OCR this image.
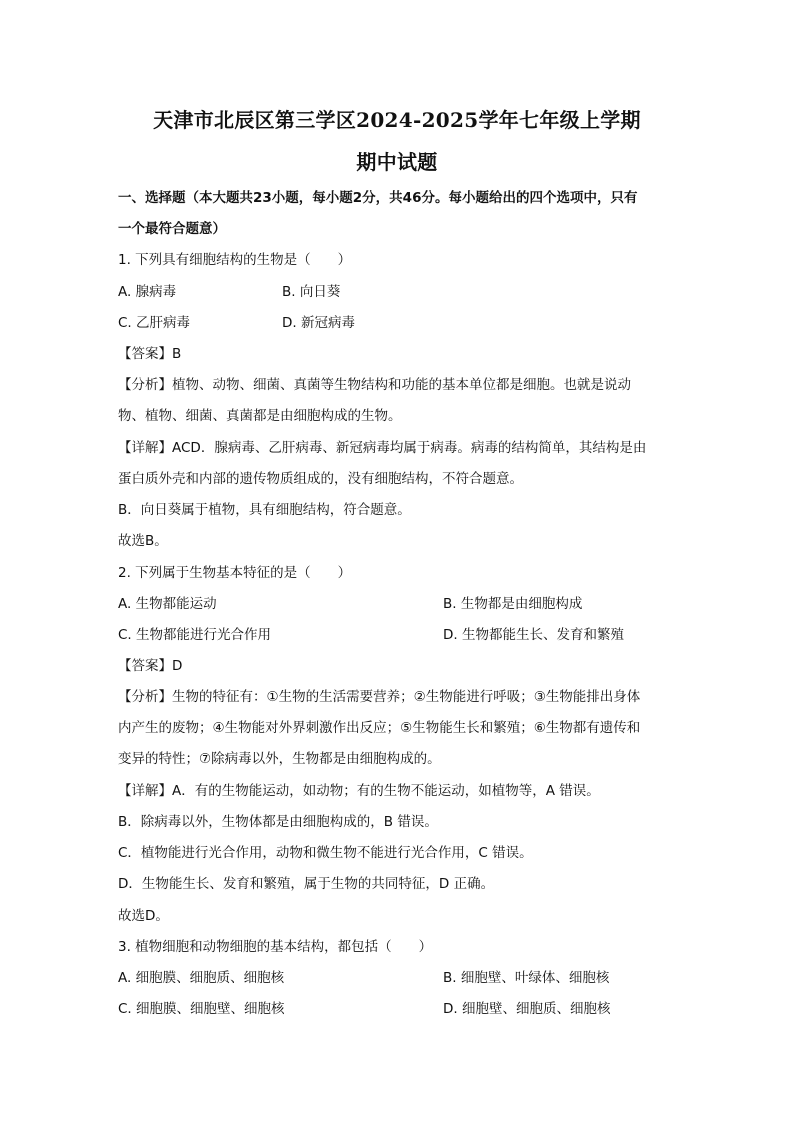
天津市北辰区第三学区2024-2025学年七年级上学期
期中试题
一、选择题（本大题共23小题，每小题2分，共46分。每小题给出的四个选项中，只有
一个最符合题意）
1. 下列具有细胞结构的生物是（　　）
A. 腺病毒	B. 向日葵
C. 乙肝病毒	D. 新冠病毒
【答案】B
【分析】植物、动物、细菌、真菌等生物结构和功能的基本单位都是细胞。也就是说动
物、植物、细菌、真菌都是由细胞构成的生物。
【详解】ACD．腺病毒、乙肝病毒、新冠病毒均属于病毒。病毒的结构简单，其结构是由
蛋白质外壳和内部的遗传物质组成的，没有细胞结构，不符合题意。
B．向日葵属于植物，具有细胞结构，符合题意。
故选B。
2. 下列属于生物基本特征的是（　　）
A. 生物都能运动	B. 生物都是由细胞构成
C. 生物都能进行光合作用	D. 生物都能生长、发育和繁殖
【答案】D
【分析】生物的特征有：①生物的生活需要营养；②生物能进行呼吸；③生物能排出身体
内产生的废物；④生物能对外界刺激作出反应；⑤生物能生长和繁殖；⑥生物都有遗传和
变异的特性；⑦除病毒以外，生物都是由细胞构成的。
【详解】A．有的生物能运动，如动物；有的生物不能运动，如植物等，A 错误。
B．除病毒以外，生物体都是由细胞构成的，B 错误。
C．植物能进行光合作用，动物和微生物不能进行光合作用，C 错误。
D．生物能生长、发育和繁殖，属于生物的共同特征，D 正确。
故选D。
3. 植物细胞和动物细胞的基本结构，都包括（　　）
A. 细胞膜、细胞质、细胞核	B. 细胞壁、叶绿体、细胞核
C. 细胞膜、细胞壁、细胞核	D. 细胞壁、细胞质、细胞核
